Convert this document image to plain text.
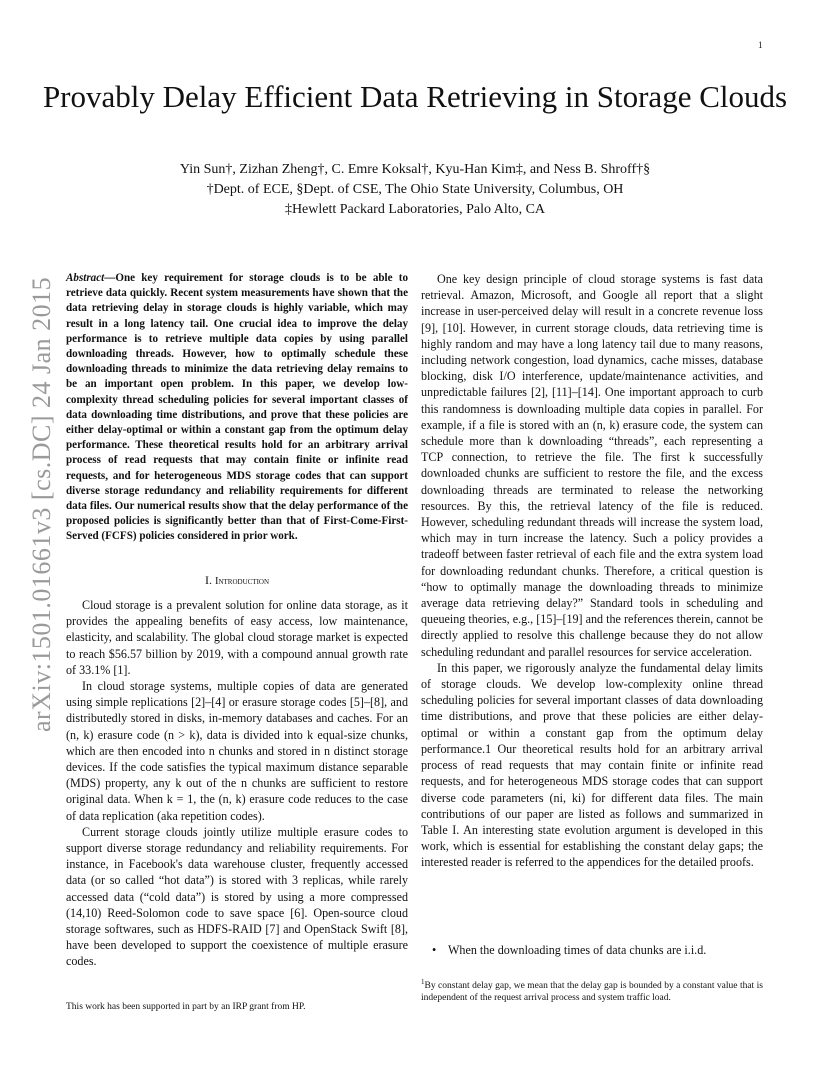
1
Provably Delay Efficient Data Retrieving in Storage Clouds
Yin Sun†, Zizhan Zheng†, C. Emre Koksal†, Kyu-Han Kim‡, and Ness B. Shroff†§
†Dept. of ECE, §Dept. of CSE, The Ohio State University, Columbus, OH
‡Hewlett Packard Laboratories, Palo Alto, CA
arXiv:1501.01661v3 [cs.DC] 24 Jan 2015 Abstract—One key requirement for storage clouds is to be able to retrieve data quickly. Recent system measurements have shown that the data retrieving delay in storage clouds is highly variable, which may result in a long latency tail. One crucial idea to improve the delay performance is to retrieve multiple data copies by using parallel downloading threads. However, how to optimally schedule these downloading threads to minimize the data retrieving delay remains to be an important open problem. In this paper, we develop low-complexity thread scheduling policies for several important classes of data downloading time distributions, and prove that these policies are either delay-optimal or within a constant gap from the optimum delay performance. These theoretical results hold for an arbitrary arrival process of read requests that may contain finite or infinite read requests, and for heterogeneous MDS storage codes that can support diverse storage redundancy and reliability requirements for different data files. Our numerical results show that the delay performance of the proposed policies is significantly better than that of First-Come-First-Served (FCFS) policies considered in prior work.
I. Introduction

Cloud storage is a prevalent solution for online data storage, as it provides the appealing benefits of easy access, low maintenance, elasticity, and scalability. The global cloud storage market is expected to reach $56.57 billion by 2019, with a compound annual growth rate of 33.1% [1].

In cloud storage systems, multiple copies of data are generated using simple replications [2]–[4] or erasure storage codes [5]–[8], and distributedly stored in disks, in-memory databases and caches. For an (n, k) erasure code (n > k), data is divided into k equal-size chunks, which are then encoded into n chunks and stored in n distinct storage devices. If the code satisfies the typical maximum distance separable (MDS) property, any k out of the n chunks are sufficient to restore original data. When k = 1, the (n, k) erasure code reduces to the case of data replication (aka repetition codes).

Current storage clouds jointly utilize multiple erasure codes to support diverse storage redundancy and reliability requirements. For instance, in Facebook's data warehouse cluster, frequently accessed data (or so called “hot data”) is stored with 3 replicas, while rarely accessed data (“cold data”) is stored by using a more compressed (14,10) Reed-Solomon code to save space [6]. Open-source cloud storage softwares, such as HDFS-RAID [7] and OpenStack Swift [8], have been developed to support the coexistence of multiple erasure codes.

This work has been supported in part by an IRP grant from HP.

One key design principle of cloud storage systems is fast data retrieval. Amazon, Microsoft, and Google all report that a slight increase in user-perceived delay will result in a concrete revenue loss [9], [10]. However, in current storage clouds, data retrieving time is highly random and may have a long latency tail due to many reasons, including network congestion, load dynamics, cache misses, database blocking, disk I/O interference, update/maintenance activities, and unpredictable failures [2], [11]–[14]. One important approach to curb this randomness is downloading multiple data copies in parallel. For example, if a file is stored with an (n, k) erasure code, the system can schedule more than k downloading “threads”, each representing a TCP connection, to retrieve the file. The first k successfully downloaded chunks are sufficient to restore the file, and the excess downloading threads are terminated to release the networking resources. By this, the retrieval latency of the file is reduced. However, scheduling redundant threads will increase the system load, which may in turn increase the latency. Such a policy provides a tradeoff between faster retrieval of each file and the extra system load for downloading redundant chunks. Therefore, a critical question is “how to optimally manage the downloading threads to minimize average data retrieving delay?” Standard tools in scheduling and queueing theories, e.g., [15]–[19] and the references therein, cannot be directly applied to resolve this challenge because they do not allow scheduling redundant and parallel resources for service acceleration.

In this paper, we rigorously analyze the fundamental delay limits of storage clouds. We develop low-complexity online thread scheduling policies for several important classes of data downloading time distributions, and prove that these policies are either delay-optimal or within a constant gap from the optimum delay performance.1 Our theoretical results hold for an arbitrary arrival process of read requests that may contain finite or infinite read requests, and for heterogeneous MDS storage codes that can support diverse code parameters (ni, ki) for different data files. The main contributions of our paper are listed as follows and summarized in Table I. An interesting state evolution argument is developed in this work, which is essential for establishing the constant delay gaps; the interested reader is referred to the appendices for the detailed proofs.

• When the downloading times of data chunks are i.i.d.
$^1$By constant delay gap, we mean that the delay gap is bounded by a constant value that is independent of the request arrival process and system traffic load.
